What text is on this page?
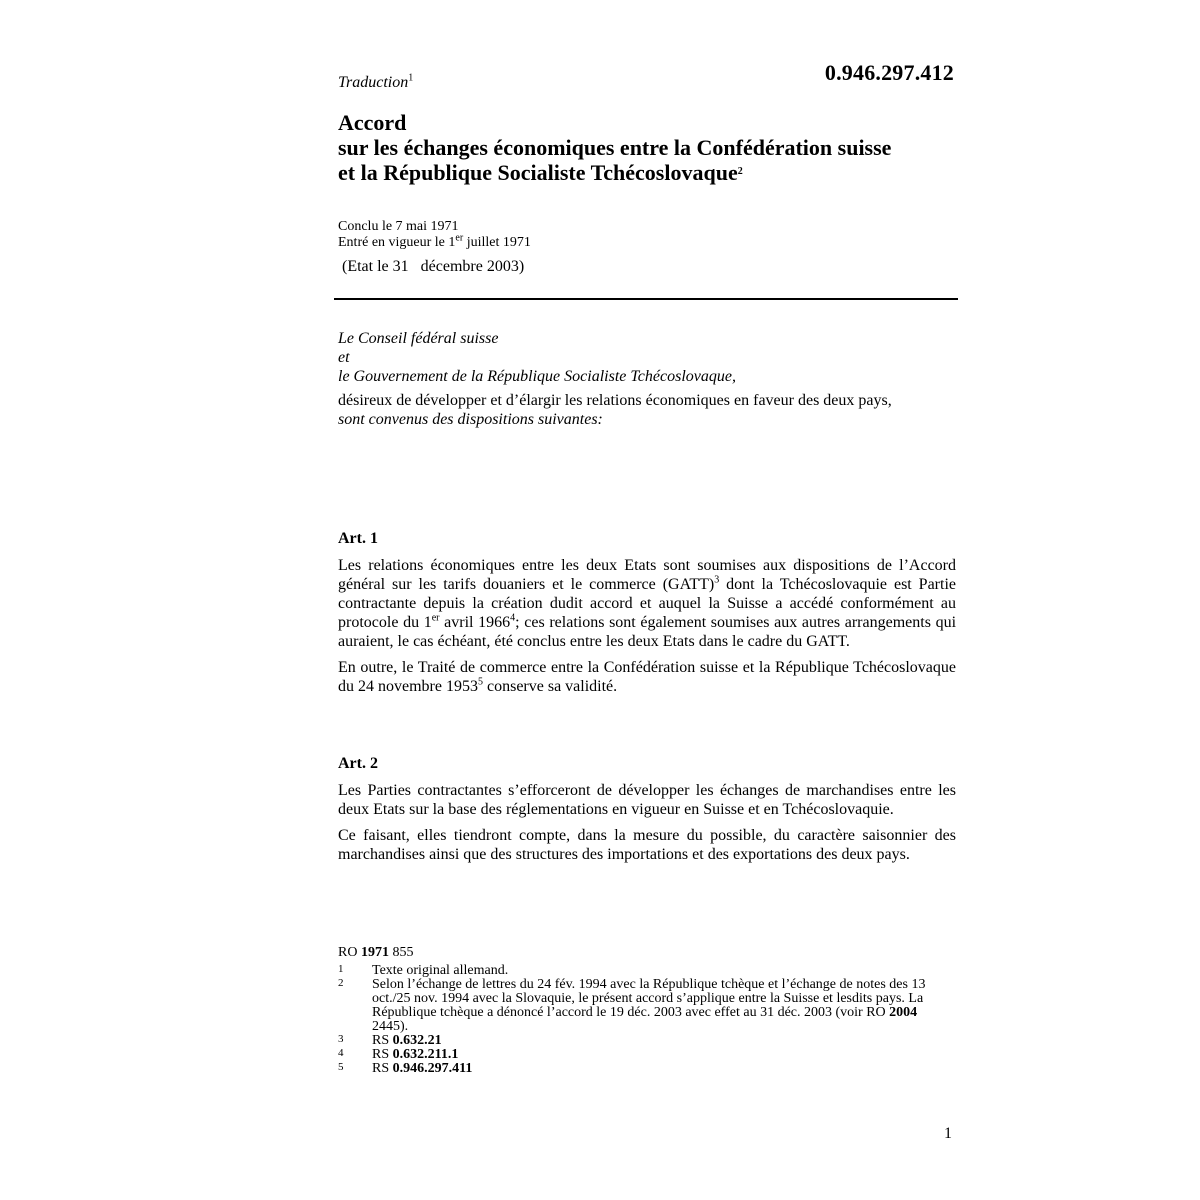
Traduction$^1$	0.946.297.412
Accord
sur les échanges économiques entre la Confédération suisse
et la République Socialiste Tchécoslovaque$^2$
Conclu le 7 mai 1971
Entré en vigueur le 1er juillet 1971
(Etat le 31   décembre 2003)
Le Conseil fédéral suisse
et
le Gouvernement de la République Socialiste Tchécoslovaque,

désireux de développer et d’élargir les relations économiques en faveur des deux pays,

sont convenus des dispositions suivantes:
Art. 1

Les relations économiques entre les deux Etats sont soumises aux dispositions de l’Accord général sur les tarifs douaniers et le commerce (GATT)$^3$ dont la Tchécoslovaquie est Partie contractante depuis la création dudit accord et auquel la Suisse a accédé conformément au protocole du 1er avril 1966$^4$; ces relations sont également soumises aux autres arrangements qui auraient, le cas échéant, été conclus entre les deux Etats dans le cadre du GATT.

En outre, le Traité de commerce entre la Confédération suisse et la République Tchécoslovaque du 24 novembre 1953$^5$ conserve sa validité.

Art. 2

Les Parties contractantes s’efforceront de développer les échanges de marchandises entre les deux Etats sur la base des réglementations en vigueur en Suisse et en Tchécoslovaquie.

Ce faisant, elles tiendront compte, dans la mesure du possible, du caractère saisonnier des marchandises ainsi que des structures des importations et des exportations des deux pays.

RO 1971 855
1	Texte original allemand.
2	Selon l’échange de lettres du 24 fév. 1994 avec la République tchèque et l’échange de notes des 13 oct./25 nov. 1994 avec la Slovaquie, le présent accord s’applique entre la Suisse et lesdits pays. La République tchèque a dénoncé l’accord le 19 déc. 2003 avec effet au 31 déc. 2003 (voir RO 2004 2445).
3	RS 0.632.21
4	RS 0.632.211.1
5	RS 0.946.297.411
1
